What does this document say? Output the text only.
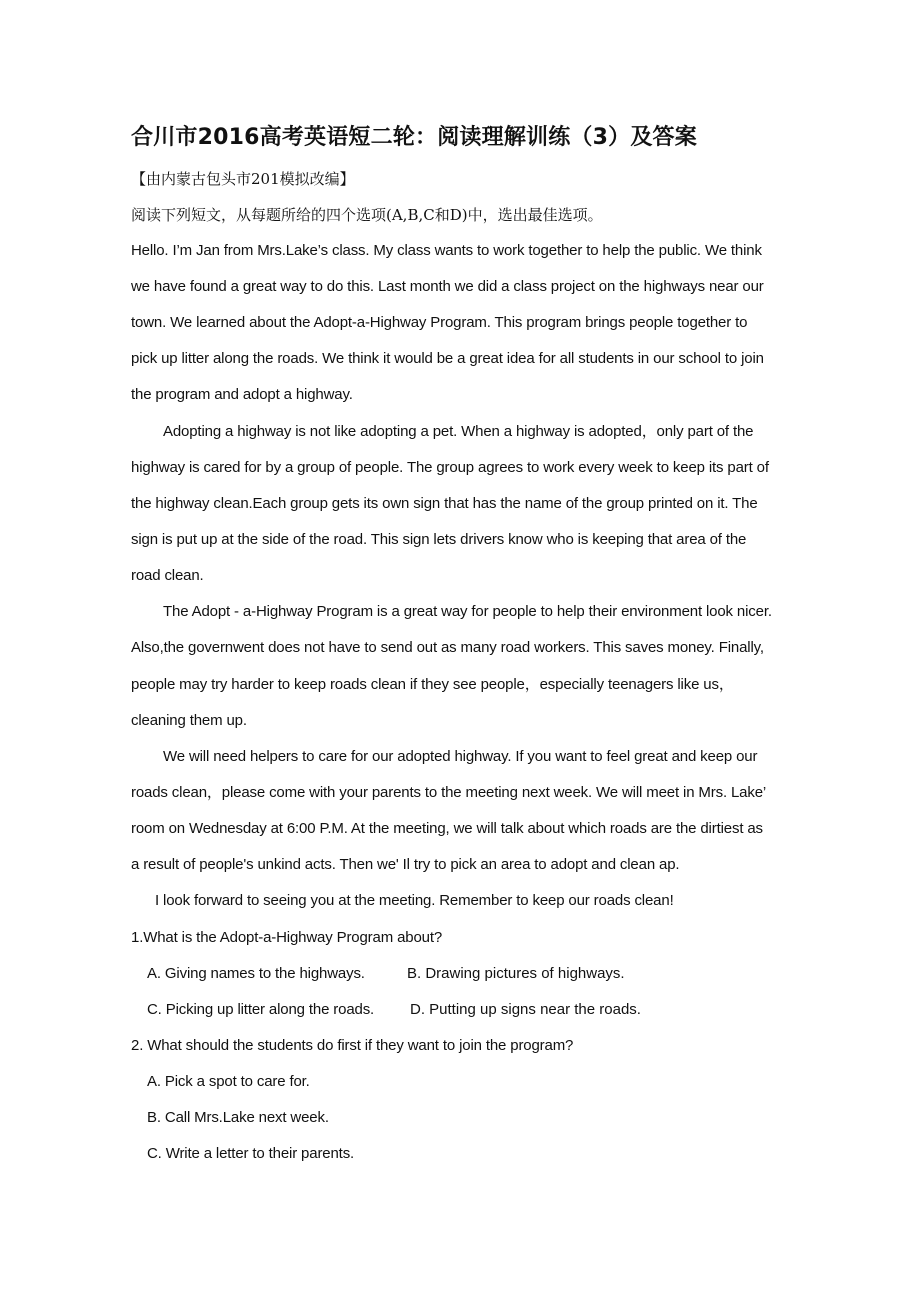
合川市2016高考英语短二轮：阅读理解训练（3）及答案
【由内蒙古包头市201模拟改编】
阅读下列短文，从每题所给的四个选项(A,B,C和D)中，选出最佳选项。
Hello. I’m Jan from Mrs.Lake’s class. My class wants to work together to help the public. We think
we have found a great way to do this. Last month we did a class project on the highways near our
town. We learned about the Adopt-a-Highway Program. This program brings people together to
pick up litter along the roads. We think it would be a great idea for all students in our school to join
the program and adopt a highway.
Adopting a highway is not like adopting a pet. When a highway is adopted，only part of the
highway is cared for by a group of people. The group agrees to work every week to keep its part of
the highway clean.Each group gets its own sign that has the name of the group printed on it. The
sign is put up at the side of the road. This sign lets drivers know who is keeping that area of the
road clean.
The Adopt - a-Highway Program is a great way for people to help their environment look nicer.
Also,the governwent does not have to send out as many road workers. This saves money. Finally,
people may try harder to keep roads clean if they see people，especially teenagers like us，
cleaning them up.
We will need helpers to care for our adopted highway. If you want to feel great and keep our
roads clean，please come with your parents to the meeting next week. We will meet in Mrs. Lake’
room on Wednesday at 6:00 P.M. At the meeting, we will talk about which roads are the dirtiest as
a result of people's unkind acts. Then we' Il try to pick an area to adopt and clean ap.
I look forward to seeing you at the meeting. Remember to keep our roads clean!
1.What is the Adopt-a-Highway Program about?
A. Giving names to the highways.	B. Drawing pictures of highways.
C. Picking up litter along the roads. D. Putting up signs near the roads.
2. What should the students do first if they want to join the program?
A. Pick a spot to care for.
B. Call Mrs.Lake next week.
C. Write a letter to their parents.
